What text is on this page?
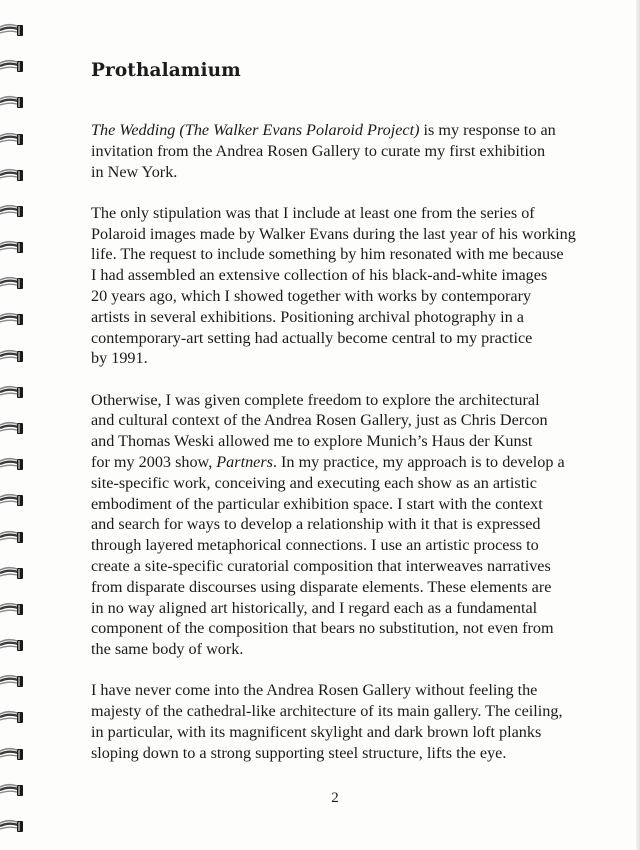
Prothalamium

The Wedding (The Walker Evans Polaroid Project) is my response to an
invitation from the Andrea Rosen Gallery to curate my first exhibition
in New York.

The only stipulation was that I include at least one from the series of
Polaroid images made by Walker Evans during the last year of his working
life. The request to include something by him resonated with me because
I had assembled an extensive collection of his black-and-white images
20 years ago, which I showed together with works by contemporary
artists in several exhibitions. Positioning archival photography in a
contemporary-art setting had actually become central to my practice
by 1991.

Otherwise, I was given complete freedom to explore the architectural
and cultural context of the Andrea Rosen Gallery, just as Chris Dercon
and Thomas Weski allowed me to explore Munich’s Haus der Kunst
for my 2003 show, Partners. In my practice, my approach is to develop a
site-specific work, conceiving and executing each show as an artistic
embodiment of the particular exhibition space. I start with the context
and search for ways to develop a relationship with it that is expressed
through layered metaphorical connections. I use an artistic process to
create a site-specific curatorial composition that interweaves narratives
from disparate discourses using disparate elements. These elements are
in no way aligned art historically, and I regard each as a fundamental
component of the composition that bears no substitution, not even from
the same body of work.

I have never come into the Andrea Rosen Gallery without feeling the
majesty of the cathedral-like architecture of its main gallery. The ceiling,
in particular, with its magnificent skylight and dark brown loft planks
sloping down to a strong supporting steel structure, lifts the eye.

2
